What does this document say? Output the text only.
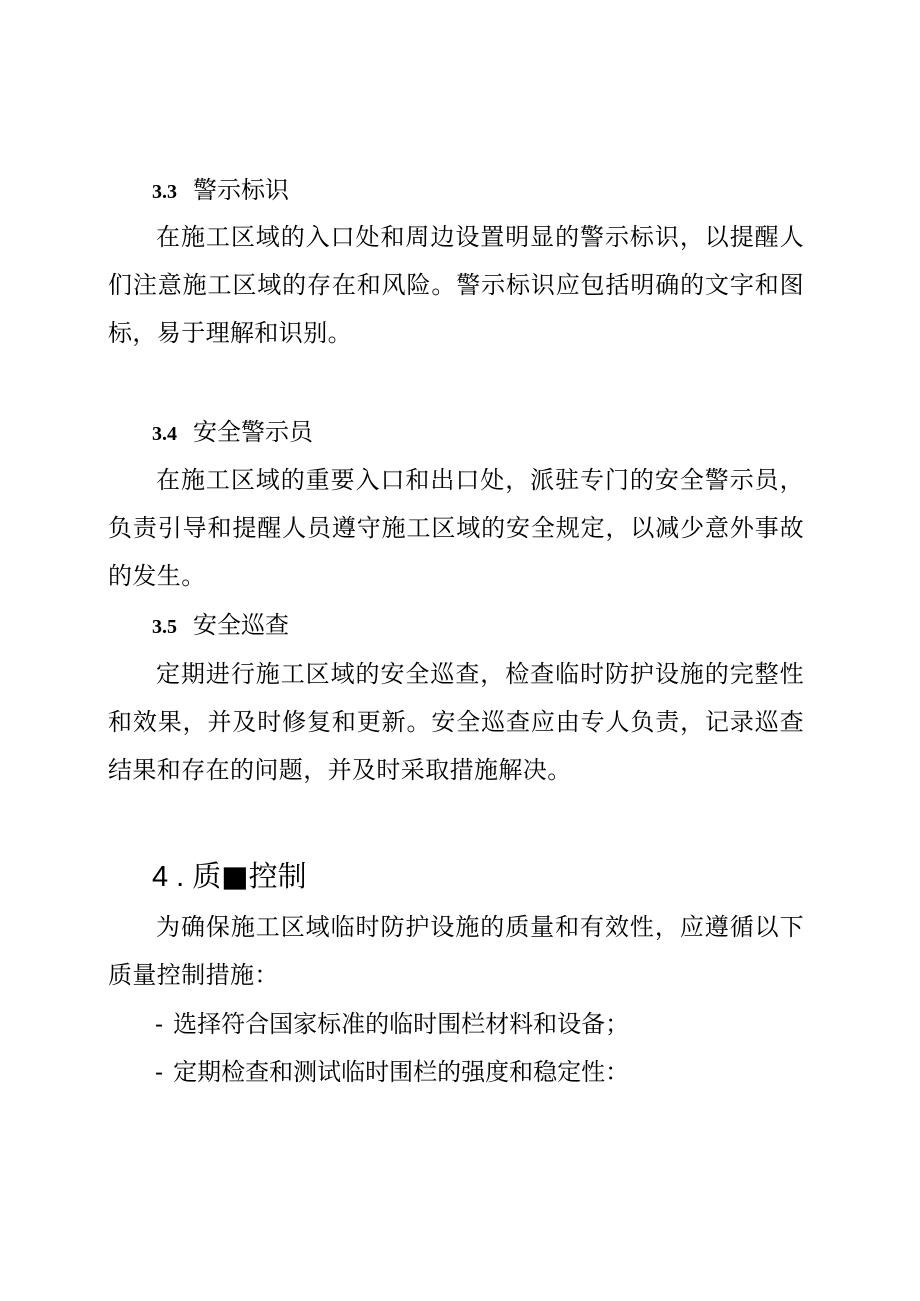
3.3 警示标识

在施工区域的入口处和周边设置明显的警示标识，以提醒人们注意施工区域的存在和风险。警示标识应包括明确的文字和图标，易于理解和识别。

3.4 安全警示员

在施工区域的重要入口和出口处，派驻专门的安全警示员，负责引导和提醒人员遵守施工区域的安全规定，以减少意外事故的发生。

3.5 安全巡查

定期进行施工区域的安全巡查，检查临时防护设施的完整性和效果，并及时修复和更新。安全巡查应由专人负责，记录巡查结果和存在的问题，并及时采取措施解决。

4 . 质■控制

为确保施工区域临时防护设施的质量和有效性，应遵循以下质量控制措施：

- 选择符合国家标准的临时围栏材料和设备；
- 定期检查和测试临时围栏的强度和稳定性：
